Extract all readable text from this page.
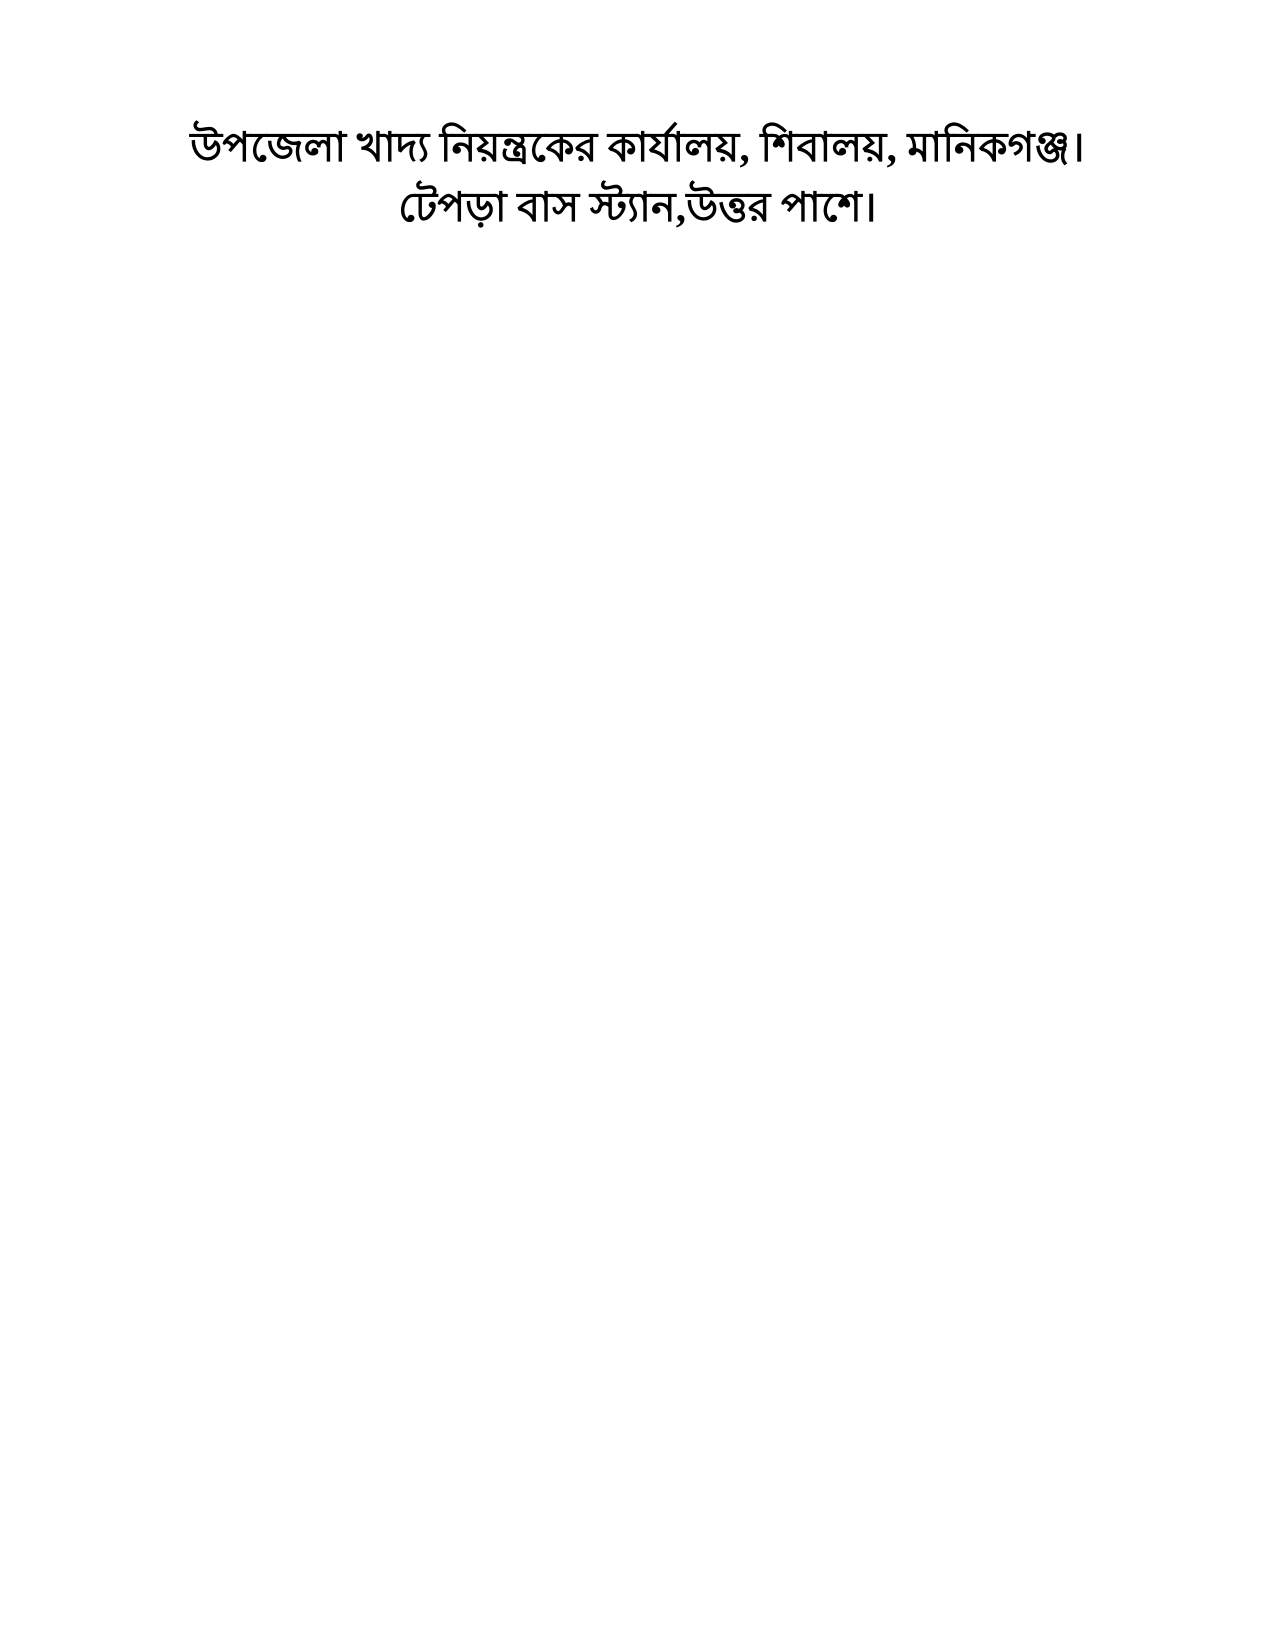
উপজেলা খাদ্য নিয়ন্ত্রকের কার্যালয়, শিবালয়, মানিকগঞ্জ।
টেপড়া বাস স্ট্যান,উত্তর পাশে।
